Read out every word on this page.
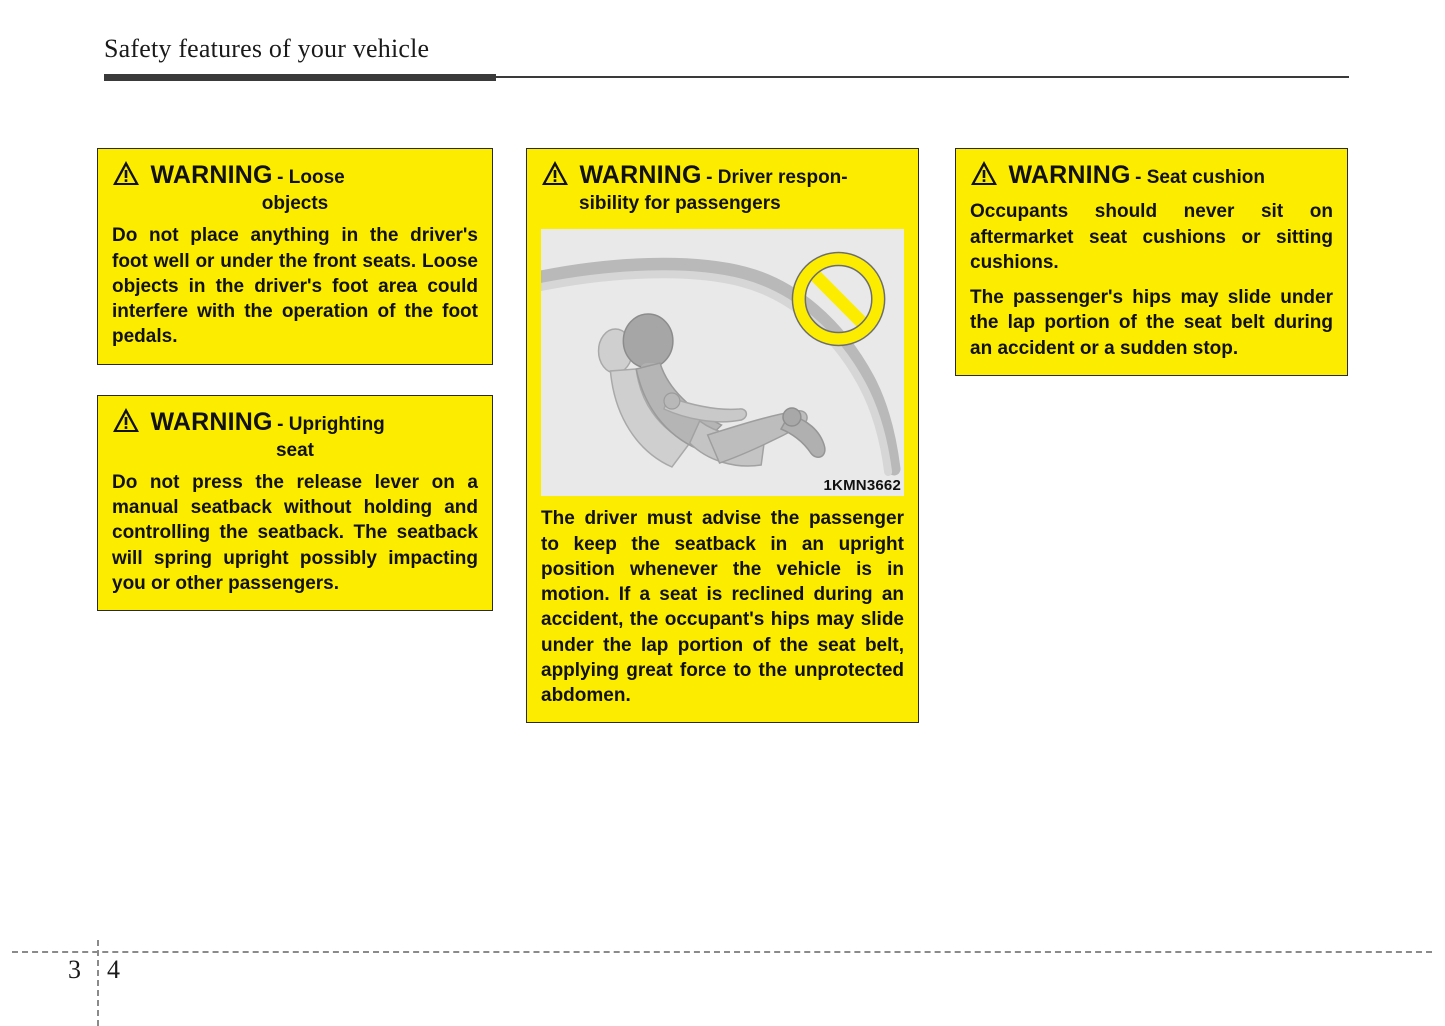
Safety features of your vehicle
WARNING - Loose
objects

Do not place anything in the driver's foot well or under the front seats. Loose objects in the driver's foot area could interfere with the operation of the foot pedals.

WARNING - Uprighting
seat

Do not press the release lever on a manual seatback without holding and controlling the seatback. The seatback will spring upright possibly impacting you or other passengers.

WARNING - Driver respon-
sibility for passengers
1KMN3662

The driver must advise the passenger to keep the seatback in an upright position whenever the vehicle is in motion. If a seat is reclined during an accident, the occupant's hips may slide under the lap portion of the seat belt, applying great force to the unprotected abdomen.

WARNING - Seat cushion

Occupants should never sit on aftermarket seat cushions or sitting cushions.

The passenger's hips may slide under the lap portion of the seat belt during an accident or a sudden stop.

3 4
